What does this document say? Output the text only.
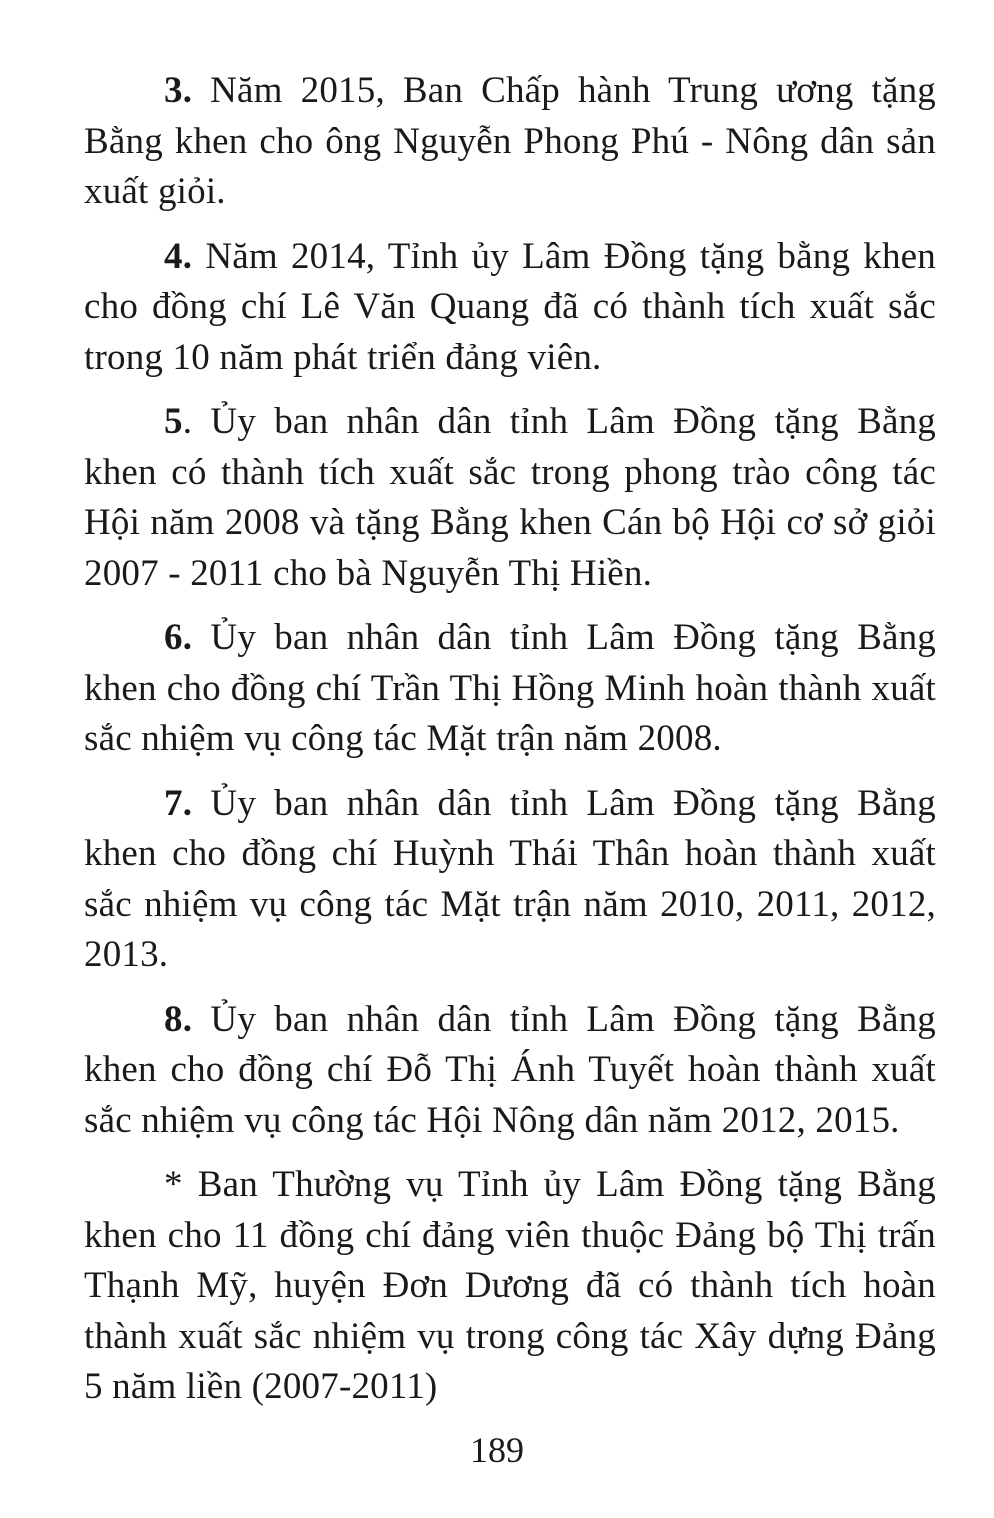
3. Năm 2015, Ban Chấp hành Trung ương tặng Bằng khen cho ông Nguyễn Phong Phú - Nông dân sản xuất giỏi.

4. Năm 2014, Tỉnh ủy Lâm Đồng tặng bằng khen cho đồng chí Lê Văn Quang đã có thành tích xuất sắc trong 10 năm phát triển đảng viên.

5. Ủy ban nhân dân tỉnh Lâm Đồng tặng Bằng khen có thành tích xuất sắc trong phong trào công tác Hội năm 2008 và tặng Bằng khen Cán bộ Hội cơ sở giỏi 2007 - 2011 cho bà Nguyễn Thị Hiền.

6. Ủy ban nhân dân tỉnh Lâm Đồng tặng Bằng khen cho đồng chí Trần Thị Hồng Minh hoàn thành xuất sắc nhiệm vụ công tác Mặt trận năm 2008.

7. Ủy ban nhân dân tỉnh Lâm Đồng tặng Bằng khen cho đồng chí Huỳnh Thái Thân hoàn thành xuất sắc nhiệm vụ công tác Mặt trận năm 2010, 2011, 2012, 2013.

8. Ủy ban nhân dân tỉnh Lâm Đồng tặng Bằng khen cho đồng chí Đỗ Thị Ánh Tuyết hoàn thành xuất sắc nhiệm vụ công tác Hội Nông dân năm 2012, 2015.

* Ban Thường vụ Tỉnh ủy Lâm Đồng tặng Bằng khen cho 11 đồng chí đảng viên thuộc Đảng bộ Thị trấn Thạnh Mỹ, huyện Đơn Dương đã có thành tích hoàn thành xuất sắc nhiệm vụ trong công tác Xây dựng Đảng 5 năm liền (2007-2011)

189
